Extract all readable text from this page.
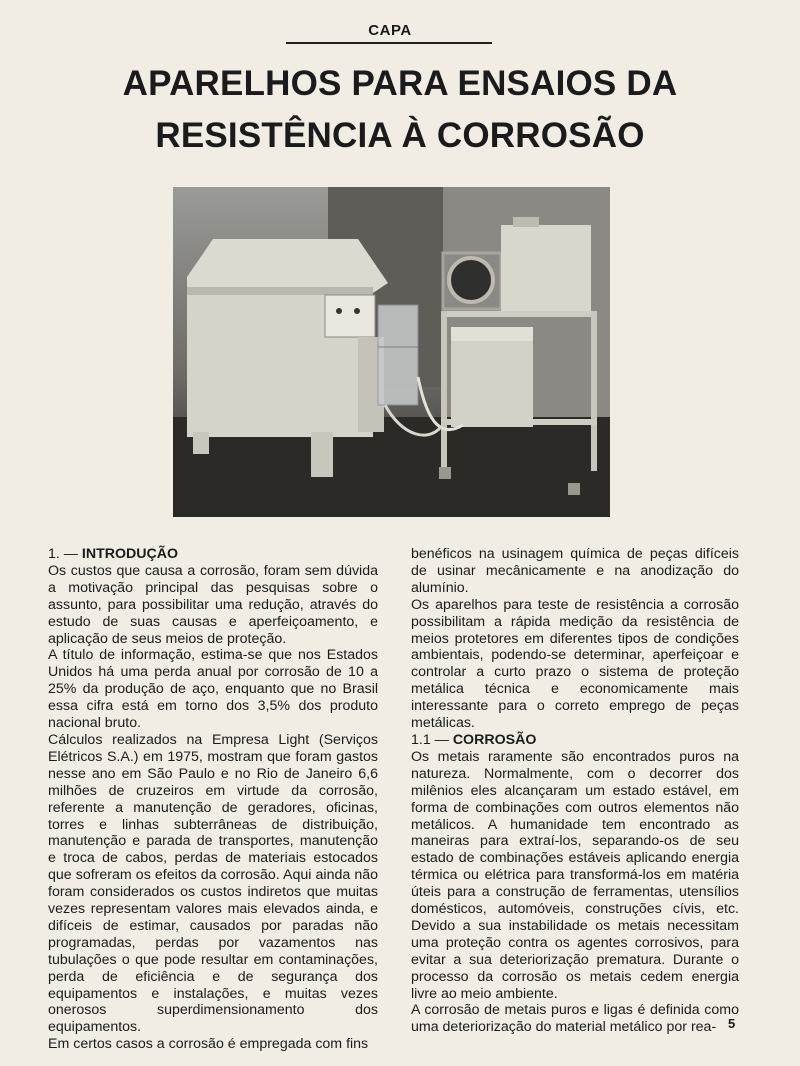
CAPA
APARELHOS PARA ENSAIOS DA
RESISTÊNCIA À CORROSÃO

1. — INTRODUÇÃO

Os custos que causa a corrosão, foram sem dúvida a motivação principal das pesquisas sobre o assunto, para possibilitar uma redução, através do estudo de suas causas e aperfeiçoamento, e aplicação de seus meios de proteção.

A título de informação, estima-se que nos Estados Unidos há uma perda anual por corrosão de 10 a 25% da produção de aço, enquanto que no Brasil essa cifra está em torno dos 3,5% dos produto nacional bruto.

Cálculos realizados na Empresa Light (Serviços Elétricos S.A.) em 1975, mostram que foram gastos nesse ano em São Paulo e no Rio de Janeiro 6,6 milhões de cruzeiros em virtude da corrosão, referente a manutenção de geradores, oficinas, torres e linhas subterrâneas de distribuição, manutenção e parada de transportes, manutenção e troca de cabos, perdas de materiais estocados que sofreram os efeitos da corrosão. Aqui ainda não foram considerados os custos indiretos que muitas vezes representam valores mais elevados ainda, e difíceis de estimar, causados por paradas não programadas, perdas por vazamentos nas tubulações o que pode resultar em contaminações, perda de eficiência e de segurança dos equipamentos e instalações, e muitas vezes onerosos superdimensionamento dos equipamentos.

Em certos casos a corrosão é empregada com fins

benéficos na usinagem química de peças difíceis de usinar mecânicamente e na anodização do alumínio.

Os aparelhos para teste de resistência a corrosão possibilitam a rápida medição da resistência de meios protetores em diferentes tipos de condições ambientais, podendo-se determinar, aperfeiçoar e controlar a curto prazo o sistema de proteção metálica técnica e economicamente mais interessante para o correto emprego de peças metálicas.

1.1 — CORROSÃO

Os metais raramente são encontrados puros na natureza. Normalmente, com o decorrer dos milênios eles alcançaram um estado estável, em forma de combinações com outros elementos não metálicos. A humanidade tem encontrado as maneiras para extraí-los, separando-os de seu estado de combinações estáveis aplicando energia térmica ou elétrica para transformá-los em matéria úteis para a construção de ferramentas, utensílios domésticos, automóveis, construções cívis, etc. Devido a sua instabilidade os metais necessitam uma proteção contra os agentes corrosivos, para evitar a sua deteriorização prematura. Durante o processo da corrosão os metais cedem energia livre ao meio ambiente.

A corrosão de metais puros e ligas é definida como uma deteriorização do material metálico por rea- 5
